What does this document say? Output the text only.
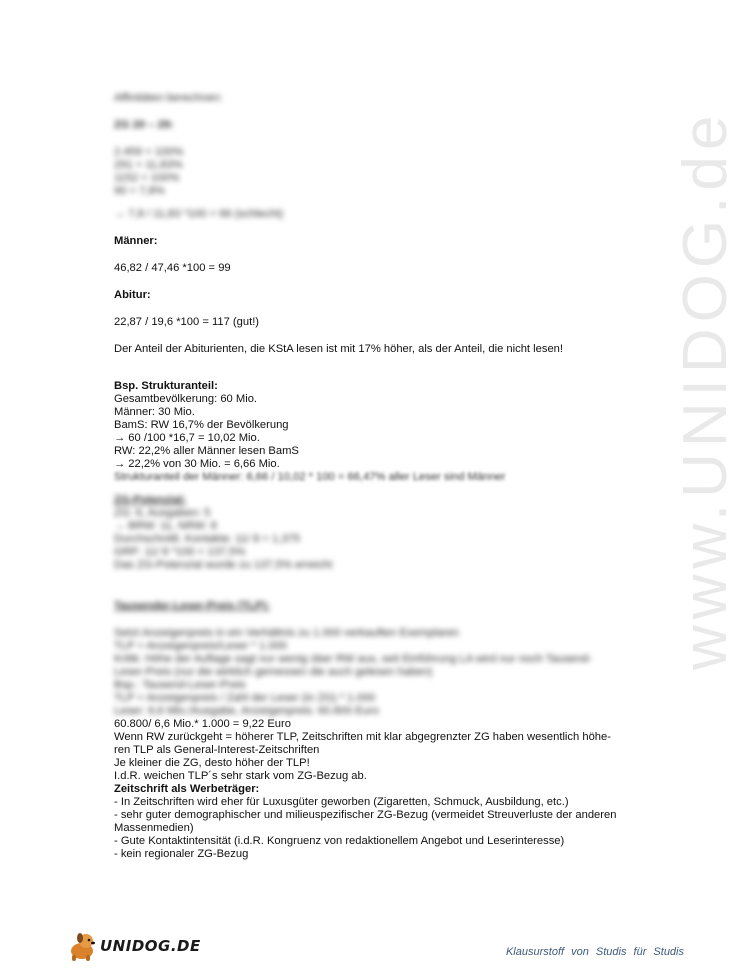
www.UNIDOG.de

Affinitäten berechnen:

ZG 20 – 29:

2.459 = 100%

291 = 11,83%

1152 = 100%

90 = 7,8%

→ 7,8 / 11,83 *100 = 66 (schlecht)

Männer:

46,82 / 47,46 *100 = 99

Abitur:

22,87 / 19,6 *100 = 117 (gut!)

Der Anteil der Abiturienten, die KStA lesen ist mit 17% höher, als der Anteil, die nicht lesen!

Bsp. Strukturanteil:

Gesamtbevölkerung: 60 Mio.

Männer: 30 Mio.

BamS: RW 16,7% der Bevölkerung

→ 60 /100 *16,7 = 10,02 Mio.

RW: 22,2% aller Männer lesen BamS

→ 22,2% von 30 Mio. = 6,66 Mio.

Strukturanteil der Männer: 6,66 / 10,02 * 100 = 66,47% aller Leser sind Männer

ZG-Potenzial:

ZG: 6, Ausgaben: 5

→ BRW: 11, NRW: 8

Durchschnittl. Kontakte: 11/ 8 = 1,375

GRP: 11/ 8 *100 = 137,5%

Das ZG-Potenzial wurde zu 137,5% erreicht

Tausender-Leser-Preis (TLP):

Setzt Anzeigenpreis in ein Verhältnis zu 1.000 verkauften Exemplaren

TLP = Anzeigenpreis/Leser * 1.000

Kritik: Höhe der Auflage sagt nur wenig über RW aus, seit Einführung LA wird nur noch Tausend-

Leser-Preis (nur die wirklich gemessen die auch gelesen haben)

Bsp.: Tausend-Leser-Preis

TLP = Anzeigenpreis / Zahl der Leser (in ZG) * 1.000

Leser: 6,6 Mio./Ausgabe, Anzeigenpreis: 60.800 Euro

60.800/ 6,6 Mio.* 1.000 = 9,22 Euro

Wenn RW zurückgeht = höherer TLP, Zeitschriften mit klar abgegrenzter ZG haben wesentlich höhe-

ren TLP als General-Interest-Zeitschriften

Je kleiner die ZG, desto höher der TLP!

I.d.R. weichen TLP´s sehr stark vom ZG-Bezug ab.

Zeitschrift als Werbeträger:

- In Zeitschriften wird eher für Luxusgüter geworben (Zigaretten, Schmuck, Ausbildung, etc.)

- sehr guter demographischer und milieuspezifischer ZG-Bezug (vermeidet Streuverluste der anderen

Massenmedien)

- Gute Kontaktintensität (i.d.R. Kongruenz von redaktionellem Angebot und Leserinteresse)

- kein regionaler ZG-Bezug

UNIDOG.DE	Klausurstoff von Studis für Studis
